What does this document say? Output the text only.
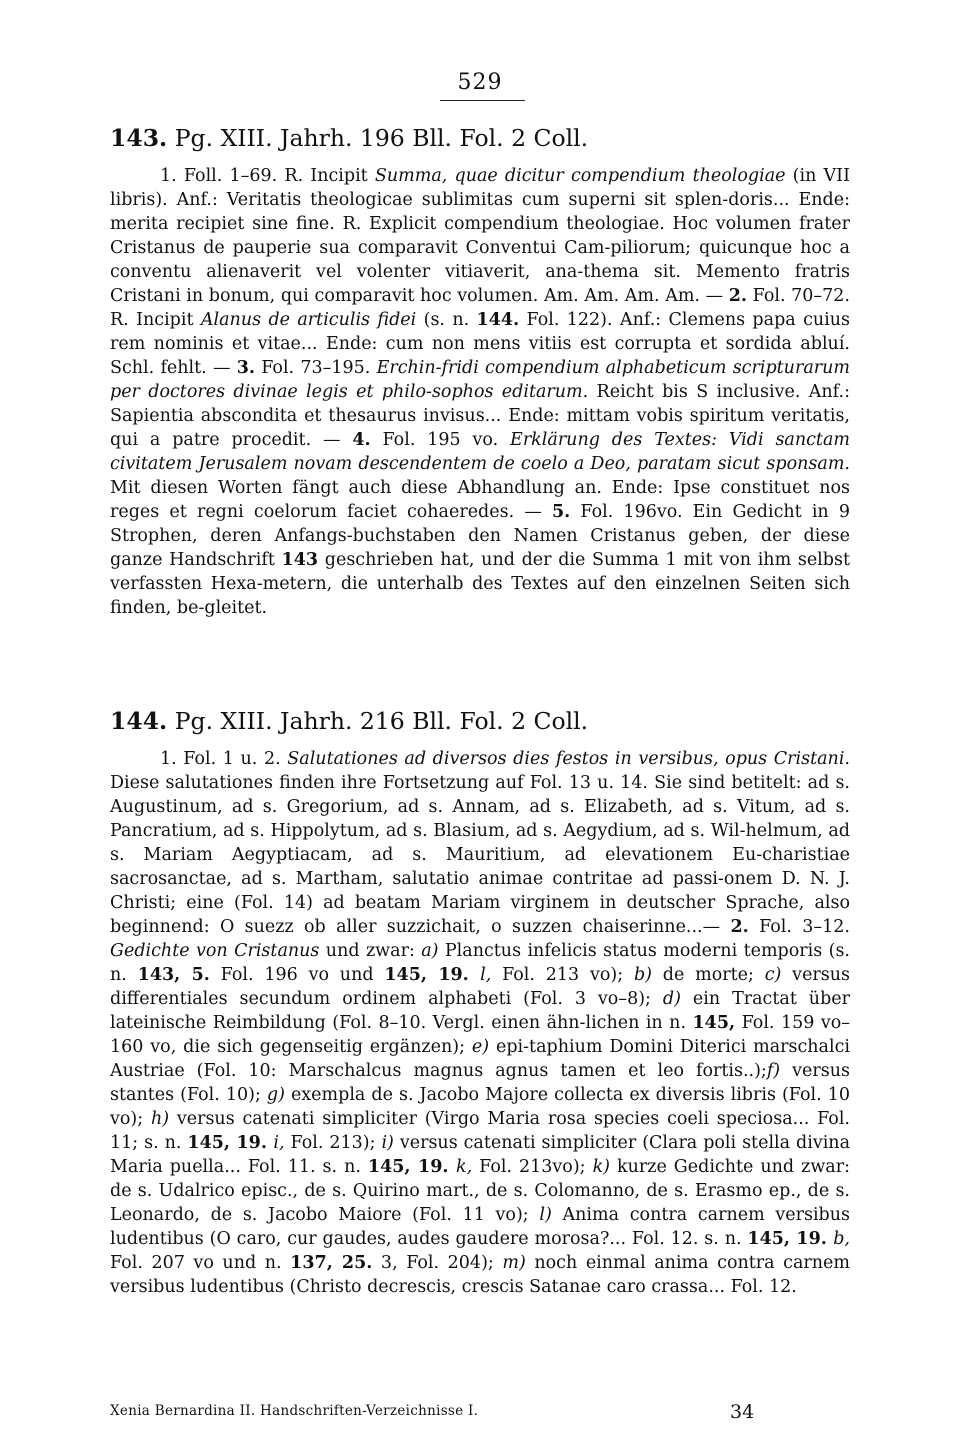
529
143. Pg. XIII. Jahrh. 196 Bll. Fol. 2 Coll.

1. Foll. 1–69. R. Incipit Summa, quae dicitur compendium theologiae (in VII libris). Anf.: Veritatis theologicae sublimitas cum superni sit splen-doris... Ende: merita recipiet sine fine. R. Explicit compendium theologiae. Hoc volumen frater Cristanus de pauperie sua comparavit Conventui Cam-piliorum; quicunque hoc a conventu alienaverit vel volenter vitiaverit, ana-thema sit. Memento fratris Cristani in bonum, qui comparavit hoc volumen. Am. Am. Am. Am. — 2. Fol. 70–72. R. Incipit Alanus de articulis fidei (s. n. 144. Fol. 122). Anf.: Clemens papa cuius rem nominis et vitae... Ende: cum non mens vitiis est corrupta et sordida abluí. Schl. fehlt. — 3. Fol. 73–195. Erchin-fridi compendium alphabeticum scripturarum per doctores divinae legis et philo-sophos editarum. Reicht bis S inclusive. Anf.: Sapientia abscondita et thesaurus invisus... Ende: mittam vobis spiritum veritatis, qui a patre procedit. — 4. Fol. 195 vo. Erklärung des Textes: Vidi sanctam civitatem Jerusalem novam descendentem de coelo a Deo, paratam sicut sponsam. Mit diesen Worten fängt auch diese Abhandlung an. Ende: Ipse constituet nos reges et regni coelorum faciet cohaeredes. — 5. Fol. 196vo. Ein Gedicht in 9 Strophen, deren Anfangs-buchstaben den Namen Cristanus geben, der diese ganze Handschrift 143 geschrieben hat, und der die Summa 1 mit von ihm selbst verfassten Hexa-metern, die unterhalb des Textes auf den einzelnen Seiten sich finden, be-gleitet.

144. Pg. XIII. Jahrh. 216 Bll. Fol. 2 Coll.

1. Fol. 1 u. 2. Salutationes ad diversos dies festos in versibus, opus Cristani. Diese salutationes finden ihre Fortsetzung auf Fol. 13 u. 14. Sie sind betitelt: ad s. Augustinum, ad s. Gregorium, ad s. Annam, ad s. Elizabeth, ad s. Vitum, ad s. Pancratium, ad s. Hippolytum, ad s. Blasium, ad s. Aegydium, ad s. Wil-helmum, ad s. Mariam Aegyptiacam, ad s. Mauritium, ad elevationem Eu-charistiae sacrosanctae, ad s. Martham, salutatio animae contritae ad passi-onem D. N. J. Christi; eine (Fol. 14) ad beatam Mariam virginem in deutscher Sprache, also beginnend: O suezz ob aller suzzichait, o suzzen chaiserinne...— 2. Fol. 3–12. Gedichte von Cristanus und zwar: a) Planctus infelicis status moderni temporis (s. n. 143, 5. Fol. 196 vo und 145, 19. l, Fol. 213 vo); b) de morte; c) versus differentiales secundum ordinem alphabeti (Fol. 3 vo–8); d) ein Tractat über lateinische Reimbildung (Fol. 8–10. Vergl. einen ähn-lichen in n. 145, Fol. 159 vo–160 vo, die sich gegenseitig ergänzen); e) epi-taphium Domini Diterici marschalci Austriae (Fol. 10: Marschalcus magnus agnus tamen et leo fortis..);f) versus stantes (Fol. 10); g) exempla de s. Jacobo Majore collecta ex diversis libris (Fol. 10 vo); h) versus catenati simpliciter (Virgo Maria rosa species coeli speciosa... Fol. 11; s. n. 145, 19. i, Fol. 213); i) versus catenati simpliciter (Clara poli stella divina Maria puella... Fol. 11. s. n. 145, 19. k, Fol. 213vo); k) kurze Gedichte und zwar: de s. Udalrico episc., de s. Quirino mart., de s. Colomanno, de s. Erasmo ep., de s. Leonardo, de s. Jacobo Maiore (Fol. 11 vo); l) Anima contra carnem versibus ludentibus (O caro, cur gaudes, audes gaudere morosa?... Fol. 12. s. n. 145, 19. b, Fol. 207 vo und n. 137, 25. 3, Fol. 204); m) noch einmal anima contra carnem versibus ludentibus (Christo decrescis, crescis Satanae caro crassa... Fol. 12.

Xenia Bernardina II. Handschriften-Verzeichnisse I.	34
